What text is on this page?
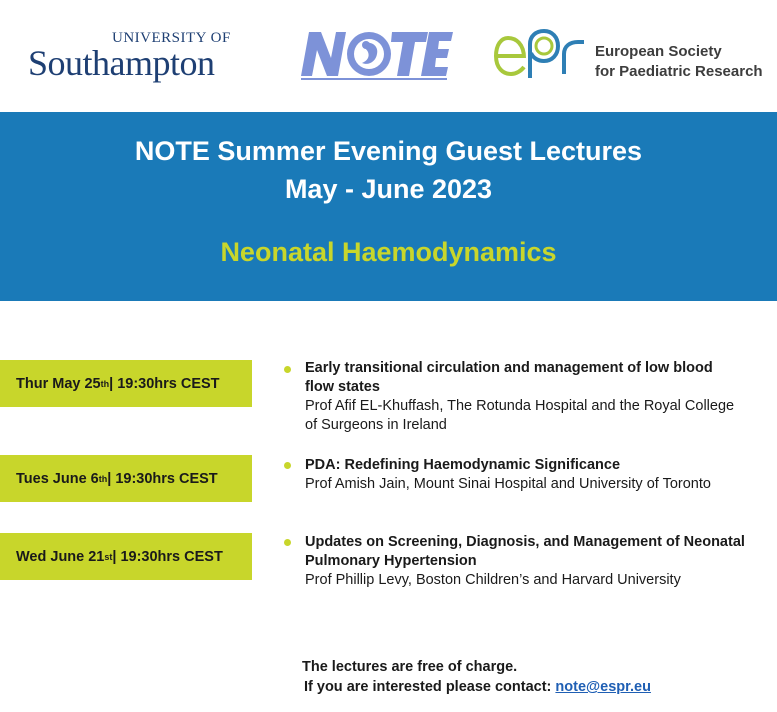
UNIVERSITY OF
Southampton	European Society
for Paediatric Research
NOTE Summer Evening Guest Lectures
May - June 2023
Neonatal Haemodynamics
Thur May 25 th | 19:30hrs CEST
Early transitional circulation and management of low blood flow states
Prof Afif EL-Khuffash, The Rotunda Hospital and the Royal College of Surgeons in Ireland
Tues June 6 th | 19:30hrs CEST
PDA: Redefining Haemodynamic Significance
Prof Amish Jain, Mount Sinai Hospital and University of Toronto
Wed June 21 st | 19:30hrs CEST
Updates on Screening, Diagnosis, and Management of Neonatal Pulmonary Hypertension
Prof Phillip Levy, Boston Children’s and Harvard University
The lectures are free of charge.
If you are interested please contact: note@espr.eu
